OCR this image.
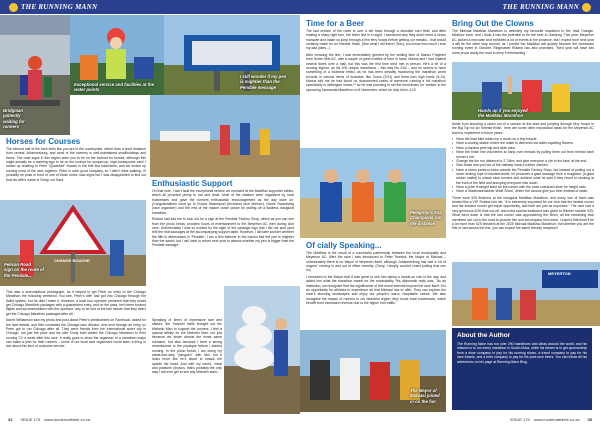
THE RUNNING MANN
Bridgman
patiently
waiting for
runners
Exceptional service and facilities at the
water points
I still wonder if my pen
is mightier than the
Pendale message
Horses for Courses

The second half of the race feels like you are in the countryside, rather than a short distance from central Johannesburg, and most of the scenery is well-maintained smallholdings and farms. The road signs in this region warn you to be on the lookout for horses, although this might actually be a warning sign to be on the lookout for souped-up, high-horsepower cars! I ended up chatting to Peter “Quatsfold” Nowak in the first few kilometres, and we ended up running most of the race together. Peter is such good company, so I didn't mind walking. I'll probably be pose in front of one of those horse road signs but I was disappointed to find out that his wife's name is Cindy, not Sara.

CHANGE BOUCHE
Pelican Road
sign on the route of
the Pendale...

This was a serendipitous photograph, as it helped to get Peter an entry to the Chicago Marathon the following weekend. You see, Peter's wife had got into Chicago through the ballot system, but he didn't make it. However, a local tour operator promised that they would get Chicago Marathon packages with a guaranteed entry, and on the pass, he'd been booked flights and accommodation with the operator, only to be told at the last minute that they didn't get the Chicago Marathon packages after all.

Norrie Williamson saw my photo and post about Peter's predicament on Facebook, asked for the race details, and then contacted the Chicago race director, who sent through an entry, so Peter got to run Chicago after all. They were friends from the International sister city in Chicago, not just the prize and his wife Cindy both added the Chicago Marathon to their running CV a week after this race. It really goes to show the organiser of a marathon major can make a plan for their runners – some of our local race organisers could learn a thing or two about this kind of customer service.

Enthusiastic Support

On that note, I can't fault the exceptional service we received at the MadMac supporter tables, which all provided plenty to eat and drink. Most of the stations were organised by local businesses and gave the runners enthusiastic encouragement as the day wore on. (Congratulations must go to Euona Swanepoel (technical race director), Nicole Swanevelg (race organiser) and the rest of the insane clown posse for pulling off a flawless inaugural marathon.

Roland had told me to look out for a sign at the Pendale Factory Shop, which as you can see from the photo below, provides hours of entertainment to the Meyerton AC men during club runs. Unfortunately I was so excited by the sight of the sausage sign that I did not spot (and tell) the real sausages at the accompanying support table. However, I did later wonder whether the fifth is abbreviated in 'Pendale', I am a firm believer in the maxim that the pen is mightier than the sword, but I will have to return next year to assess whether my pen is bigger than the Pendale sausage.

Speaking of items of impressive size and stature, the 'Dolphin' table brought out the Michelin Man to support the runners. I feel a special affinity for the Michelin Man, not just because we share almost the exact same surname, but also because I bear a strong resemblance to the physique before I started running. In the photo below, I am doing my same-tree-step “pangzen” with him, but it looks more like he's about to smack me upside the head. And with my toned, 'meat and potatoes' physics, that's probably the only way I will ever get to see any Michelin stars...

34 ISSUE 175 www.modernathlete.co.za
THE RUNNING MANN
Time for a Beer

The last section of the route is over a dirt track through a desolate corn field, and after making a sharp right turn, the finish line is in sight. I wondered why they didn't erect a circus marquee and make us jump through a few fiery hoops before getting our medals... that would certainly make for an 'interest' finish. (See what I did there? Sorry, you know how much I love my dad jokes...)

After crossing the line, I was immediately greeted by the smiling face of Marius Potgieter from Green Mile AC, with a couple of green bottles of beer in hand. Marius and I had chatted several times over a mail, but this was the first time we'd met in person. He's a bit of a running legend, as his 100 unique marathons – this was his 31st – and he seems to have something of a footwear fetish, as he has been steadily monitoring the marathon world records in various items of footwear, like Crocs (3:51) and three-inch high heels (5:13). Marius told me he had found no documented cases of someone running a full marathon specifically in wellington shoes,** so he was planning to set the benchmark for 'wellies' in the upcoming Jacaranda Marathon on 8 November, which he duly did in 4:15.

Pelegrino's Kaa
Champions run
the distance
Of cially Speaking...

The MadMac is the result of a successful partnership between the local municipality and Meyerton AC. After the race I was introduced to Peter Teixeira, the Mayor of Midvaal – unfortunately there is no Mayor of Meyerton itself, although Johannesburg has had a 'lot of mayors' coming in and out of office recently. (Sorry, I simply couldn't resist putting that one in!)

I remarked to the Mayor that it was great to see him taking a hands-on role in the day, and asked him what the marathon meant for the municipality. His diplomatic reply was, "As an institution, we recognise that the significance of this event extends beyond the race itself. It is an opportunity for athletes to experience all that Midvaal has to offer. They can explore the town's stunning landscapes and enjoy our people's warm, hospitable nature. We also recognise the impact of runners to our beautiful region; they boost local businesses, which benefit from increased revenue due to the higher foot traffic."

The Mayor of
Midvaal joined
in on the fun
Bring Out the Clowns

The Midvaal MadMac Marathon is definitely my favourite marathon in the Vaal Triangle. Miniblox zone, and I think it has the potential to be the best in Gauteng. This year, Meyerton AC picked a new date and exhibited a lot of events in the province, but I expect from next year it will be the other way around, as I predict the MadMac will quickly become the downward running event in October. Ringmaster Roland has also promised, "Next year will have lots more props along the road to keep it entertaining."

Hands up if you enjoyed
the MadMac Marathon

Aside from shooting a clown out of a cannon at the start and jumping through fiery hoops in the Big Top for an 'intense finish,' here are some other impractical ideas for the Meyerton AC team to implement in future years:

• Have the lead bike ridden by a clown on a tiny bicycle.
• Have a cooling station where the water is delivered via water-squirting flowers.
• Have a banana peel slip and slide area.
• Have the finish line volunteers to hand over medals by pulling them out from behind each runner's ear.
• Change the fun run distance to 2.74km, and give everyone a 'pie in the face' at the end.
• Give those who pull out of the halfway mark a rubber chicken.
• Have a clown perform tricks outside the Pendale Factory Shop, but instead of pulling out a never-ending rope of handkerchiefs, he produces a giant sausage from a 'magician' (a giant rubber mallet) to whack slow runners and achieve what he said if they resort to stroking at the front of the field and annoying everyone else down.
• Have a prize if caught least for the runner with the most oversized shoe for height ratio.
• Have a 'Maatmanmakiner-Wide Show,' where the clowns give you beer instead of water.

There were 525 finishers at the inaugural MadMac Marathon, and every one of them was treated like a VIP. Roland told me, "It is extremely important for our club that the fastest runner and the slowest runner get equal opportunity, and both are just as important." The race had a very generous 6:30 final cut-off, and extra special treatment was given to finisher number 525. What went down is that the last runner was approaching the finish, all the remaining club members ran out to the road to provide him and accompany him home. I expect that there'll be a lot more than 525 finishers at the 2025 Midvaal MadMac Marathon, but whether you are the first or last across the line, you can expect the same friendly reception!

MEYERTON
About the Author
The Running Mann has run over 290 marathons and ultras around the world, and his mission is to run every marathon in South Africa, while his dream is to get sponsorship from a shoe company to pay for his running shoes, a travel company to pay for his race travels, and a beer company to pay for his post-race beers. You can follow all his adventures on his page at Running Mann Blog.
ISSUE 175 www.modernathlete.co.za 35
